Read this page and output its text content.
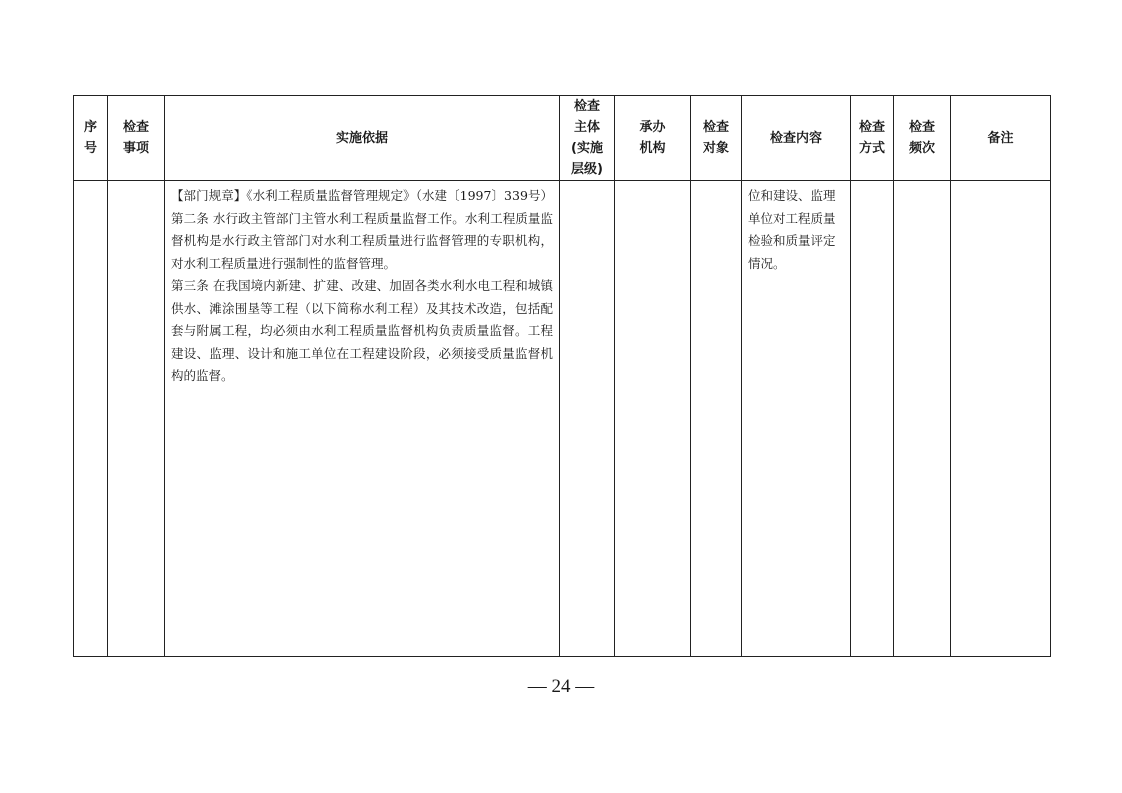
序号	检查事项	实施依据	检查主体(实施层级)	承办机构	检查对象	检查内容	检查方式	检查频次	备注

		【部门规章】《水利工程质量监督管理规定》（水建〔1997〕339号）第二条 水行政主管部门主管水利工程质量监督工作。水利工程质量监督机构是水行政主管部门对水利工程质量进行监督管理的专职机构，对水利工程质量进行强制性的监督管理。
第三条 在我国境内新建、扩建、改建、加固各类水利水电工程和城镇供水、滩涂围垦等工程（以下简称水利工程）及其技术改造，包括配套与附属工程，均必须由水利工程质量监督机构负责质量监督。工程建设、监理、设计和施工单位在工程建设阶段，必须接受质量监督机构的监督。				位和建设、监理单位对工程质量检验和质量评定情况。			

— 24 —
